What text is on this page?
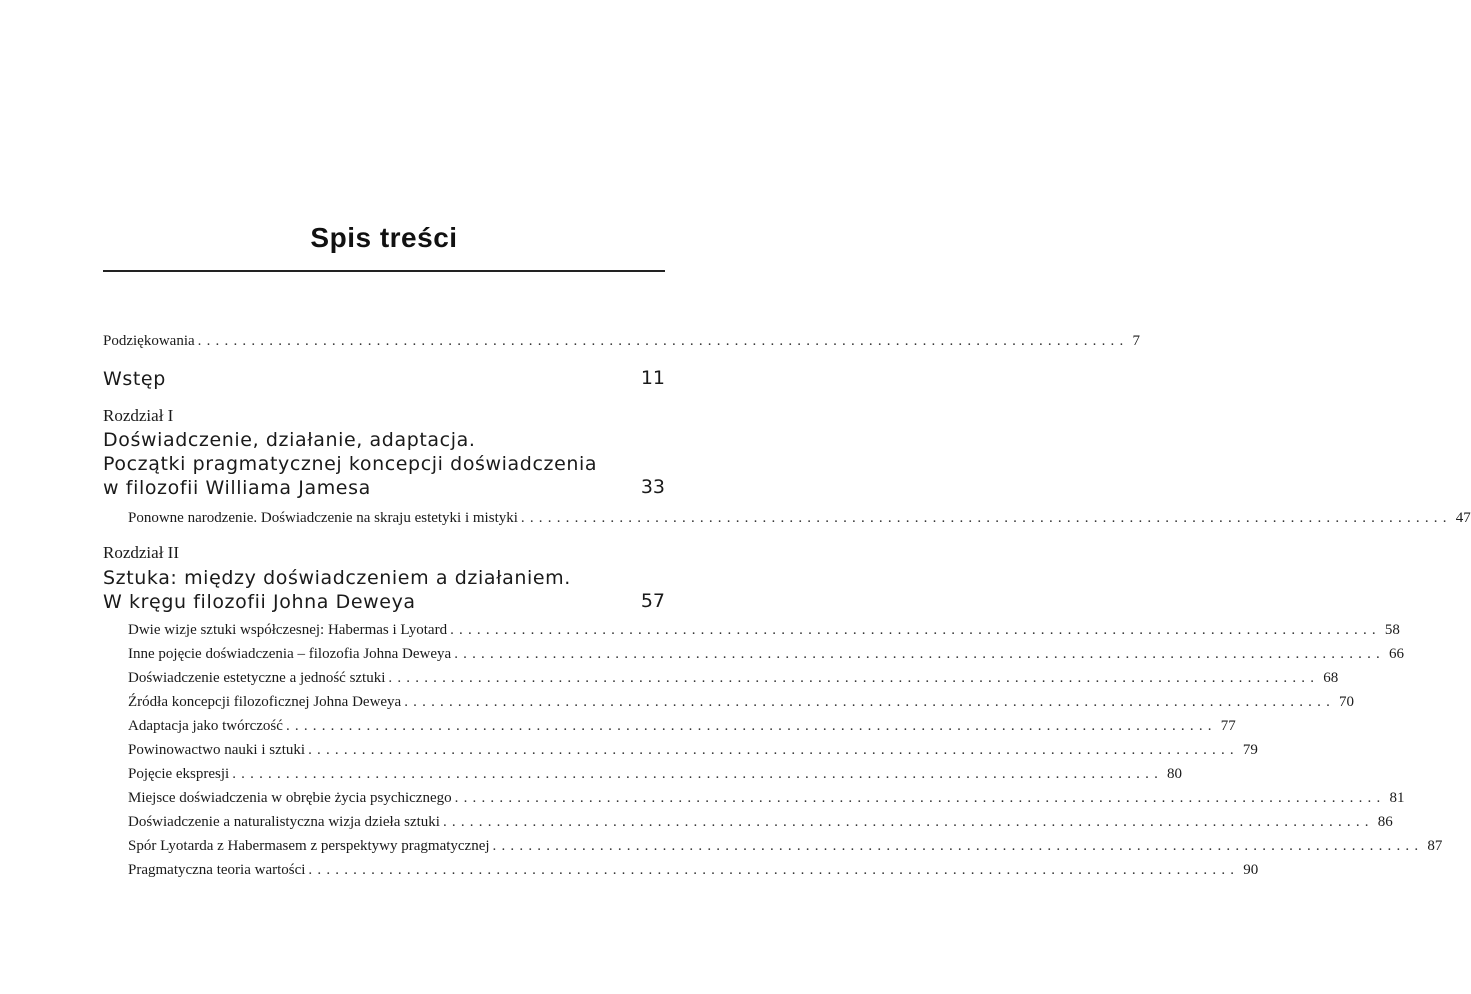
Spis treści
Podziękowania ........................................................................................................ 7
Wstęp	11
Rozdział I
Doświadczenie, działanie, adaptacja.
Początki pragmatycznej koncepcji doświadczenia
w filozofii Williama Jamesa	33
Ponowne narodzenie. Doświadczenie na skraju estetyki i mistyki ........................................................................................................ 47
Rozdział II
Sztuka: między doświadczeniem a działaniem.
W kręgu filozofii Johna Deweya	57
Dwie wizje sztuki współczesnej: Habermas i Lyotard ........................................................................................................ 58
Inne pojęcie doświadczenia – filozofia Johna Deweya ........................................................................................................ 66
Doświadczenie estetyczne a jedność sztuki ........................................................................................................ 68
Źródła koncepcji filozoficznej Johna Deweya ........................................................................................................ 70
Adaptacja jako twórczość ........................................................................................................ 77
Powinowactwo nauki i sztuki ........................................................................................................ 79
Pojęcie ekspresji ........................................................................................................ 80
Miejsce doświadczenia w obrębie życia psychicznego ........................................................................................................ 81
Doświadczenie a naturalistyczna wizja dzieła sztuki ........................................................................................................ 86
Spór Lyotarda z Habermasem z perspektywy pragmatycznej ........................................................................................................ 87
Pragmatyczna teoria wartości ........................................................................................................ 90
